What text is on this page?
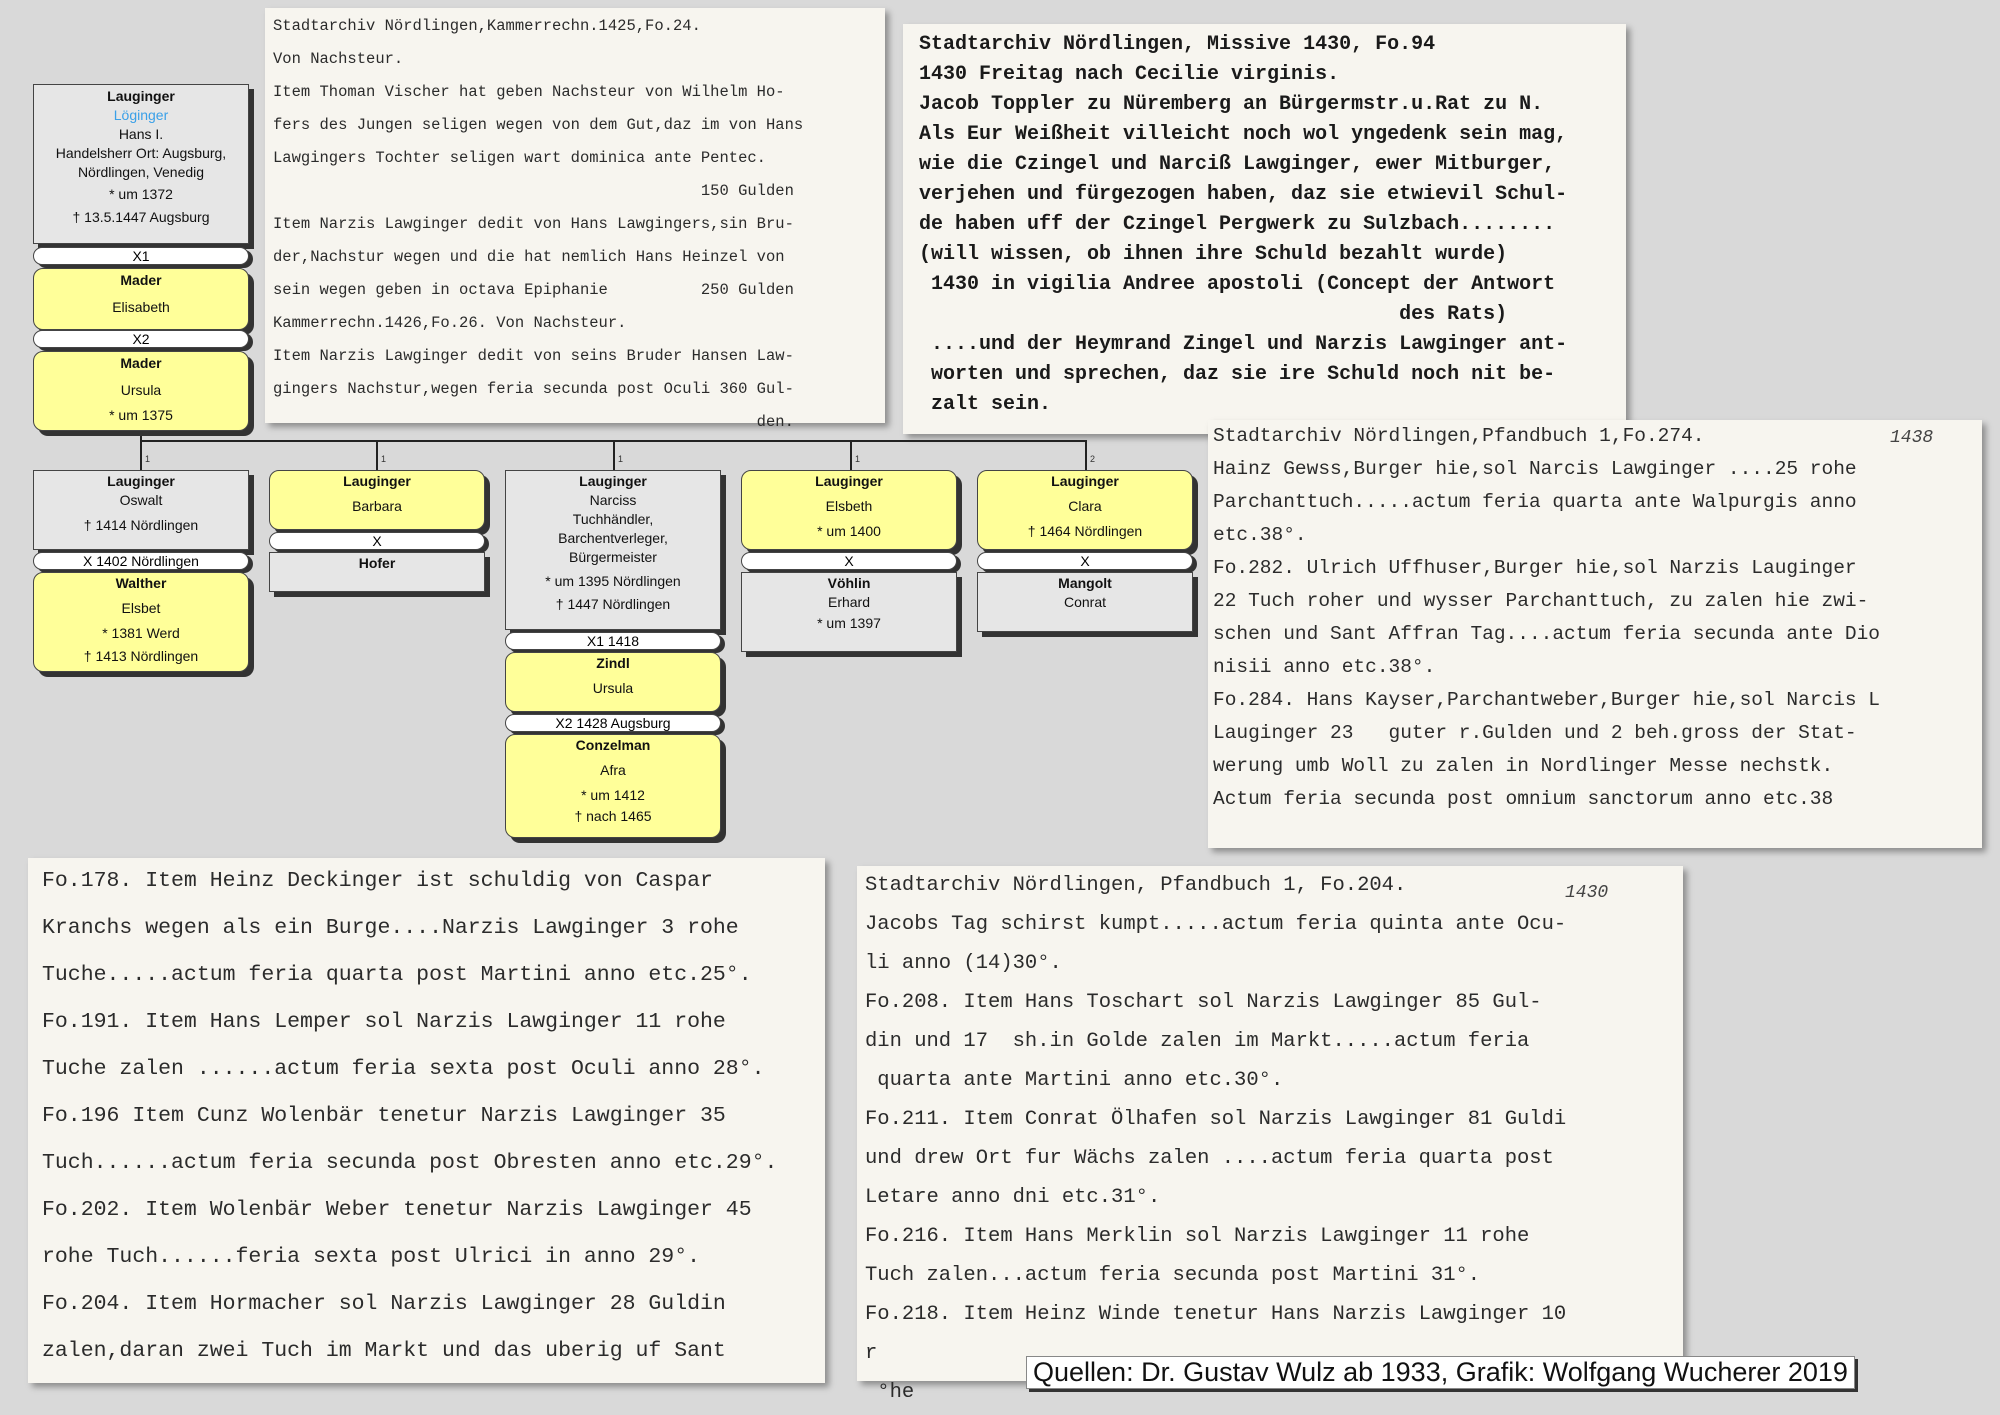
Stadtarchiv Nördlingen,Kammerrechn.1425,Fo.24.
Von Nachsteur.
Item Thoman Vischer hat geben Nachsteur von Wilhelm Ho-
fers des Jungen seligen wegen von dem Gut,daz im von Hans
Lawgingers Tochter seligen wart dominica ante Pentec.
150 Gulden
Item Narzis Lawginger dedit von Hans Lawgingers,sin Bru-
der,Nachstur wegen und die hat nemlich Hans Heinzel von
sein wegen geben in octava Epiphanie          250 Gulden
Kammerrechn.1426,Fo.26. Von Nachsteur.
Item Narzis Lawginger dedit von seins Bruder Hansen Law-
gingers Nachstur,wegen feria secunda post Oculi 360 Gul-
den.
Stadtarchiv Nördlingen, Missive 1430, Fo.94
1430 Freitag nach Cecilie virginis.
Jacob Toppler zu Nüremberg an Bürgermstr.u.Rat zu N.
Als Eur Weißheit villeicht noch wol yngedenk sein mag,
wie die Czingel und Narciß Lawginger, ewer Mitburger,
verjehen und fürgezogen haben, daz sie etwievil Schul-
de haben uff der Czingel Pergwerk zu Sulzbach........
(will wissen, ob ihnen ihre Schuld bezahlt wurde)
1430 in vigilia Andree apostoli (Concept der Antwort
des Rats)
....und der Heymrand Zingel und Narzis Lawginger ant-
worten und sprechen, daz sie ire Schuld noch nit be-
zalt sein.
1438
Stadtarchiv Nördlingen,Pfandbuch 1,Fo.274.
Hainz Gewss,Burger hie,sol Narcis Lawginger ....25 rohe
Parchanttuch.....actum feria quarta ante Walpurgis anno
etc.38°.
Fo.282. Ulrich Uffhuser,Burger hie,sol Narzis Lauginger
22 Tuch roher und wysser Parchanttuch, zu zalen hie zwi-
schen und Sant Affran Tag....actum feria secunda ante Dio
nisii anno etc.38°.
Fo.284. Hans Kayser,Parchantweber,Burger hie,sol Narcis L
Lauginger 23   guter r.Gulden und 2 beh.gross der Stat-
werung umb Woll zu zalen in Nordlinger Messe nechstk.
Actum feria secunda post omnium sanctorum anno etc.38
Fo.178. Item Heinz Deckinger ist schuldig von Caspar
Kranchs wegen als ein Burge....Narzis Lawginger 3 rohe
Tuche.....actum feria quarta post Martini anno etc.25°.
Fo.191. Item Hans Lemper sol Narzis Lawginger 11 rohe
Tuche zalen ......actum feria sexta post Oculi anno 28°.
Fo.196 Item Cunz Wolenbär tenetur Narzis Lawginger 35
Tuch......actum feria secunda post Obresten anno etc.29°.
Fo.202. Item Wolenbär Weber tenetur Narzis Lawginger 45
rohe Tuch......feria sexta post Ulrici in anno 29°.
Fo.204. Item Hormacher sol Narzis Lawginger 28 Guldin
zalen,daran zwei Tuch im Markt und das uberig uf Sant
1430
Stadtarchiv Nördlingen, Pfandbuch 1, Fo.204.
Jacobs Tag schirst kumpt.....actum feria quinta ante Ocu-
li anno (14)30°.
Fo.208. Item Hans Toschart sol Narzis Lawginger 85 Gul-
din und 17  sh.in Golde zalen im Markt.....actum feria
quarta ante Martini anno etc.30°.
Fo.211. Item Conrat Ölhafen sol Narzis Lawginger 81 Guldi
und drew Ort fur Wächs zalen ....actum feria quarta post
Letare anno dni etc.31°.
Fo.216. Item Hans Merklin sol Narzis Lawginger 11 rohe
Tuch zalen...actum feria secunda post Martini 31°.
Fo.218. Item Heinz Winde tenetur Hans Narzis Lawginger 10
r
°he
1	1	1	1	2
Lauginger
Löginger
Hans I.
Handelsherr Ort: Augsburg,
Nördlingen, Venedig
* um 1372
† 13.5.1447 Augsburg
X1
Mader
Elisabeth
X2
Mader
Ursula
* um 1375
Lauginger
Oswalt
† 1414 Nördlingen
X 1402 Nördlingen
Walther
Elsbet
* 1381 Werd
† 1413 Nördlingen
Lauginger
Barbara
X
Hofer
Lauginger
Narciss
Tuchhändler,
Barchentverleger,
Bürgermeister
* um 1395 Nördlingen
† 1447 Nördlingen
X1 1418
Zindl
Ursula
X2 1428 Augsburg
Conzelman
Afra
* um 1412
† nach 1465
Lauginger
Elsbeth
* um 1400
X
Vöhlin
Erhard
* um 1397
Lauginger
Clara
† 1464 Nördlingen
X
Mangolt
Conrat
Quellen: Dr. Gustav Wulz ab 1933, Grafik: Wolfgang Wucherer 2019
